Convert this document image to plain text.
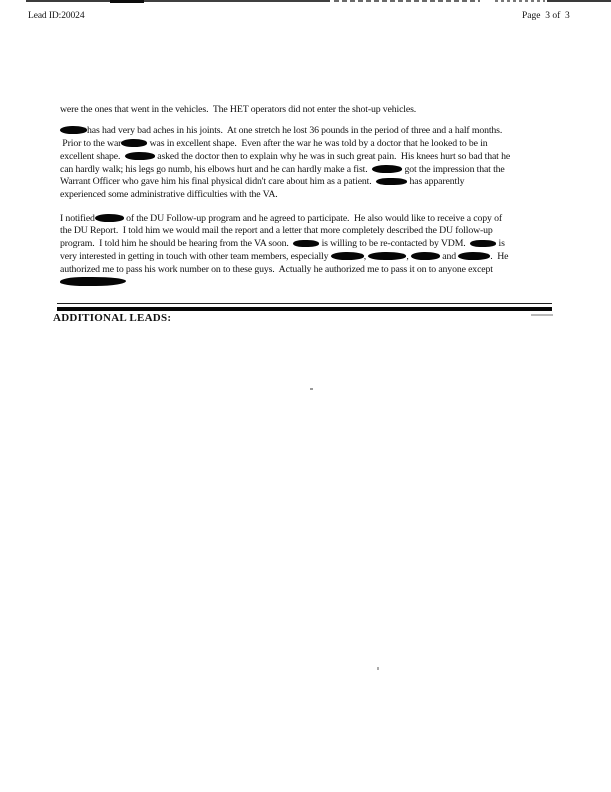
Lead ID:20024	Page  3 of  3
were the ones that went in the vehicles.  The HET operators did not enter the shot-up vehicles.
has had very bad aches in his joints.  At one stretch he lost 36 pounds in the period of three and a half months.
Prior to the war	was in excellent shape.  Even after the war he was told by a doctor that he looked to be in
excellent shape.	asked the doctor then to explain why he was in such great pain.  His knees hurt so bad that he
can hardly walk; his legs go numb, his elbows hurt and he can hardly make a fist.	got the impression that the
Warrant Officer who gave him his final physical didn't care about him as a patient.	has apparently
experienced some administrative difficulties with the VA.
I notified	of the DU Follow-up program and he agreed to participate.  He also would like to receive a copy of
the DU Report.  I told him we would mail the report and a letter that more completely described the DU follow-up
program.  I told him he should be hearing from the VA soon.	is willing to be re-contacted by VDM.	is
very interested in getting in touch with other team members, especially	,	,	and	.  He
authorized me to pass his work number on to these guys.  Actually he authorized me to pass it on to anyone except
ADDITIONAL LEADS:
